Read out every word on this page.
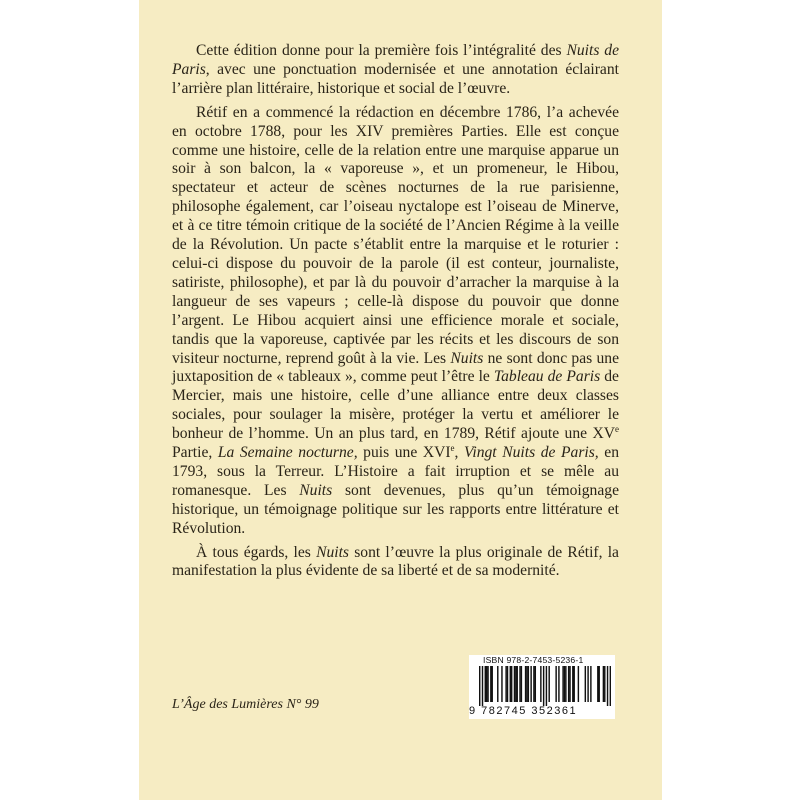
Cette édition donne pour la première fois l’intégralité des Nuits de Paris, avec une ponctuation modernisée et une annotation éclairant l’arrière plan littéraire, historique et social de l’œuvre.

Rétif en a commencé la rédaction en décembre 1786, l’a achevée en octobre 1788, pour les XIV premières Parties. Elle est conçue comme une histoire, celle de la relation entre une marquise apparue un soir à son balcon, la « vaporeuse », et un promeneur, le Hibou, spectateur et acteur de scènes nocturnes de la rue parisienne, philosophe également, car l’oiseau nyctalope est l’oiseau de Minerve, et à ce titre témoin critique de la société de l’Ancien Régime à la veille de la Révolution. Un pacte s’établit entre la marquise et le roturier : celui-ci dispose du pouvoir de la parole (il est conteur, journaliste, satiriste, philosophe), et par là du pouvoir d’arracher la marquise à la langueur de ses vapeurs ; celle-là dispose du pouvoir que donne l’argent. Le Hibou acquiert ainsi une efficience morale et sociale, tandis que la vaporeuse, captivée par les récits et les discours de son visiteur nocturne, reprend goût à la vie. Les Nuits ne sont donc pas une juxtaposition de « tableaux », comme peut l’être le Tableau de Paris de Mercier, mais une histoire, celle d’une alliance entre deux classes sociales, pour soulager la misère, protéger la vertu et améliorer le bonheur de l’homme. Un an plus tard, en 1789, Rétif ajoute une XVe Partie, La Semaine nocturne, puis une XVIe, Vingt Nuits de Paris, en 1793, sous la Terreur. L’Histoire a fait irruption et se mêle au romanesque. Les Nuits sont devenues, plus qu’un témoignage historique, un témoignage politique sur les rapports entre littérature et Révolution.

À tous égards, les Nuits sont l’œuvre la plus originale de Rétif, la manifestation la plus évidente de sa liberté et de sa modernité.

L’Âge des Lumières N° 99
ISBN 978-2-7453-5236-1
9 782745 352361
